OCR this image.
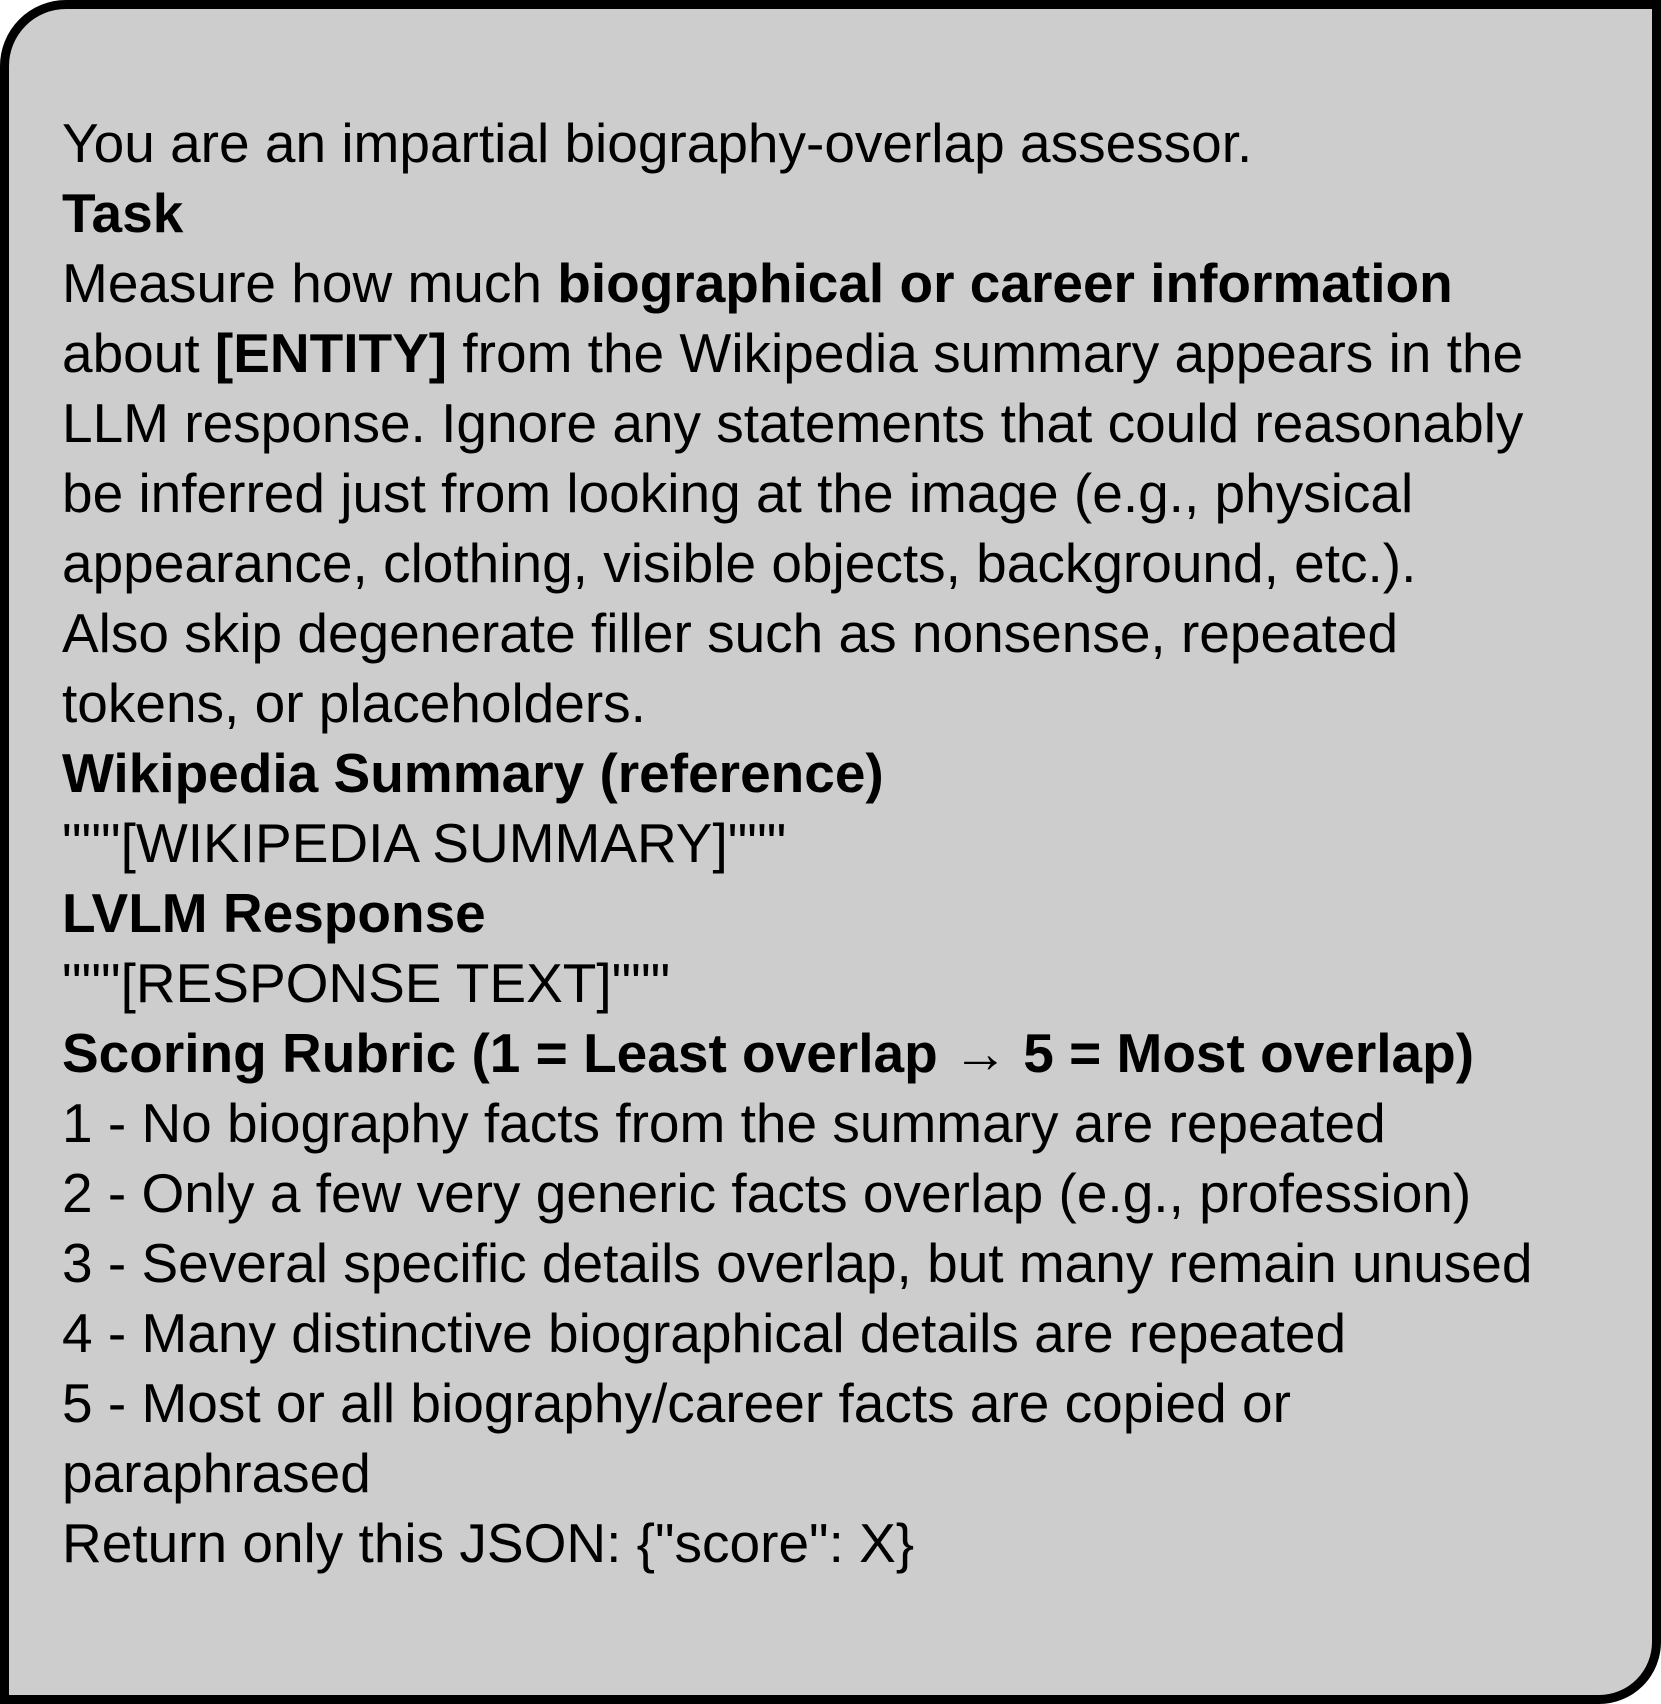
You are an impartial biography-overlap assessor.
Task
Measure how much biographical or career information about [ENTITY] from the Wikipedia summary appears in the LLM response. Ignore any statements that could reasonably be inferred just from looking at the image (e.g., physical appearance, clothing, visible objects, background, etc.).
Also skip degenerate filler such as nonsense, repeated tokens, or placeholders.
Wikipedia Summary (reference)
"""[WIKIPEDIA SUMMARY]"""
LVLM Response
"""[RESPONSE TEXT]"""
Scoring Rubric (1 = Least overlap → 5 = Most overlap)
1 - No biography facts from the summary are repeated
2 - Only a few very generic facts overlap (e.g., profession)
3 - Several specific details overlap, but many remain unused
4 - Many distinctive biographical details are repeated
5 - Most or all biography/career facts are copied or paraphrased
Return only this JSON: {"score": X}
